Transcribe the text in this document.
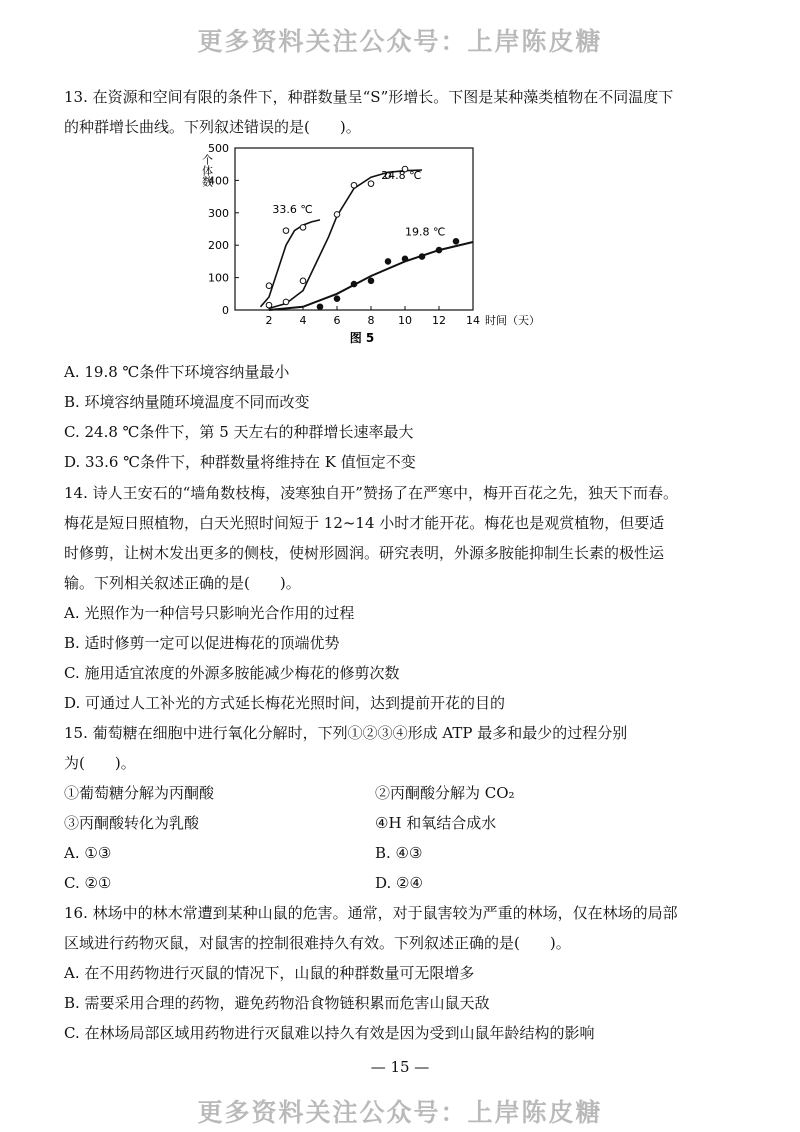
更多资料关注公众号：上岸陈皮糖

13. 在资源和空间有限的条件下，种群数量呈“S”形增长。下图是某种藻类植物在不同温度下

的种群增长曲线。下列叙述错误的是(　　)。

2 4 6 8 10 12 14
0
100
200
300
400
500
时间（天）
个体数
图 5
33.6 ℃
24.8 ℃
19.8 ℃

A. 19.8 ℃条件下环境容纳量最小

B. 环境容纳量随环境温度不同而改变

C. 24.8 ℃条件下，第 5 天左右的种群增长速率最大

D. 33.6 ℃条件下，种群数量将维持在 K 值恒定不变

14. 诗人王安石的“墙角数枝梅，凌寒独自开”赞扬了在严寒中，梅开百花之先，独天下而春。

梅花是短日照植物，白天光照时间短于 12~14 小时才能开花。梅花也是观赏植物，但要适

时修剪，让树木发出更多的侧枝，使树形圆润。研究表明，外源多胺能抑制生长素的极性运

输。下列相关叙述正确的是(　　)。

A. 光照作为一种信号只影响光合作用的过程

B. 适时修剪一定可以促进梅花的顶端优势

C. 施用适宜浓度的外源多胺能减少梅花的修剪次数

D. 可通过人工补光的方式延长梅花光照时间，达到提前开花的目的

15. 葡萄糖在细胞中进行氧化分解时，下列①②③④形成 ATP 最多和最少的过程分别

为(　　)。

①葡萄糖分解为丙酮酸	②丙酮酸分解为 CO₂
③丙酮酸转化为乳酸	④H 和氧结合成水
A. ①③	B. ④③
C. ②①	D. ②④

16. 林场中的林木常遭到某种山鼠的危害。通常，对于鼠害较为严重的林场，仅在林场的局部

区域进行药物灭鼠，对鼠害的控制很难持久有效。下列叙述正确的是(　　)。

A. 在不用药物进行灭鼠的情况下，山鼠的种群数量可无限增多

B. 需要采用合理的药物，避免药物沿食物链积累而危害山鼠天敌

C. 在林场局部区域用药物进行灭鼠难以持久有效是因为受到山鼠年龄结构的影响

— 15 —
更多资料关注公众号：上岸陈皮糖
